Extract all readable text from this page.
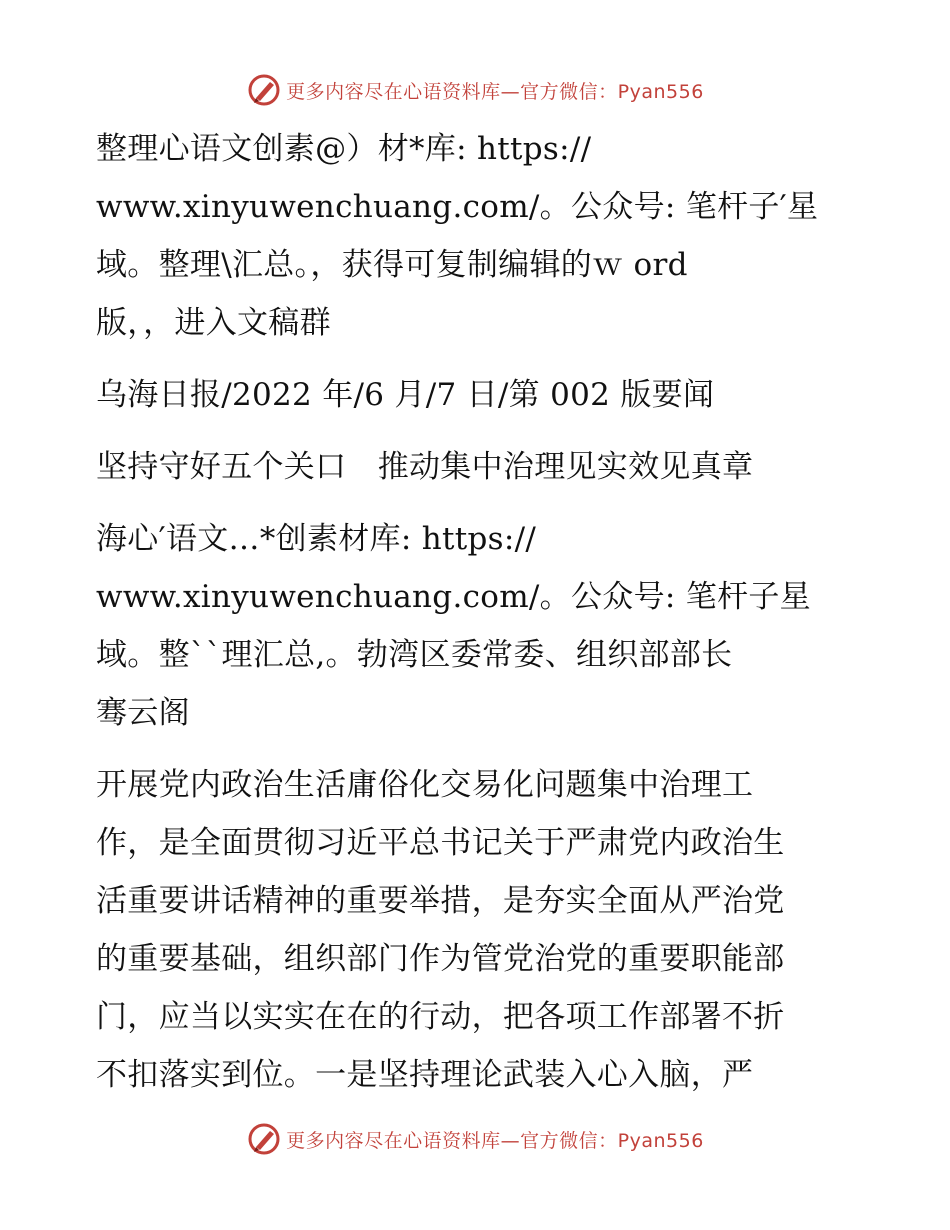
更多内容尽在心语资料库—官方微信：Pyan556
整理心语文创素@）材*库: https://
www.xinyuwenchuang.com/。公众号: 笔杆子′星
域。整理\汇总。，获得可复制编辑的ｗ ord
版，，进入文稿群
乌海日报/2022 年/6 月/7 日/第 002 版要闻
坚持守好五个关口　推动集中治理见实效见真章
海心′语文…*创素材库: https://
www.xinyuwenchuang.com/。公众号: 笔杆子星
域。整``理汇总,。勃湾区委常委、组织部部长
骞云阁
开展党内政治生活庸俗化交易化问题集中治理工
作，是全面贯彻习近平总书记关于严肃党内政治生
活重要讲话精神的重要举措，是夯实全面从严治党
的重要基础，组织部门作为管党治党的重要职能部
门，应当以实实在在的行动，把各项工作部署不折
不扣落实到位。一是坚持理论武装入心入脑，严
更多内容尽在心语资料库—官方微信：Pyan556
